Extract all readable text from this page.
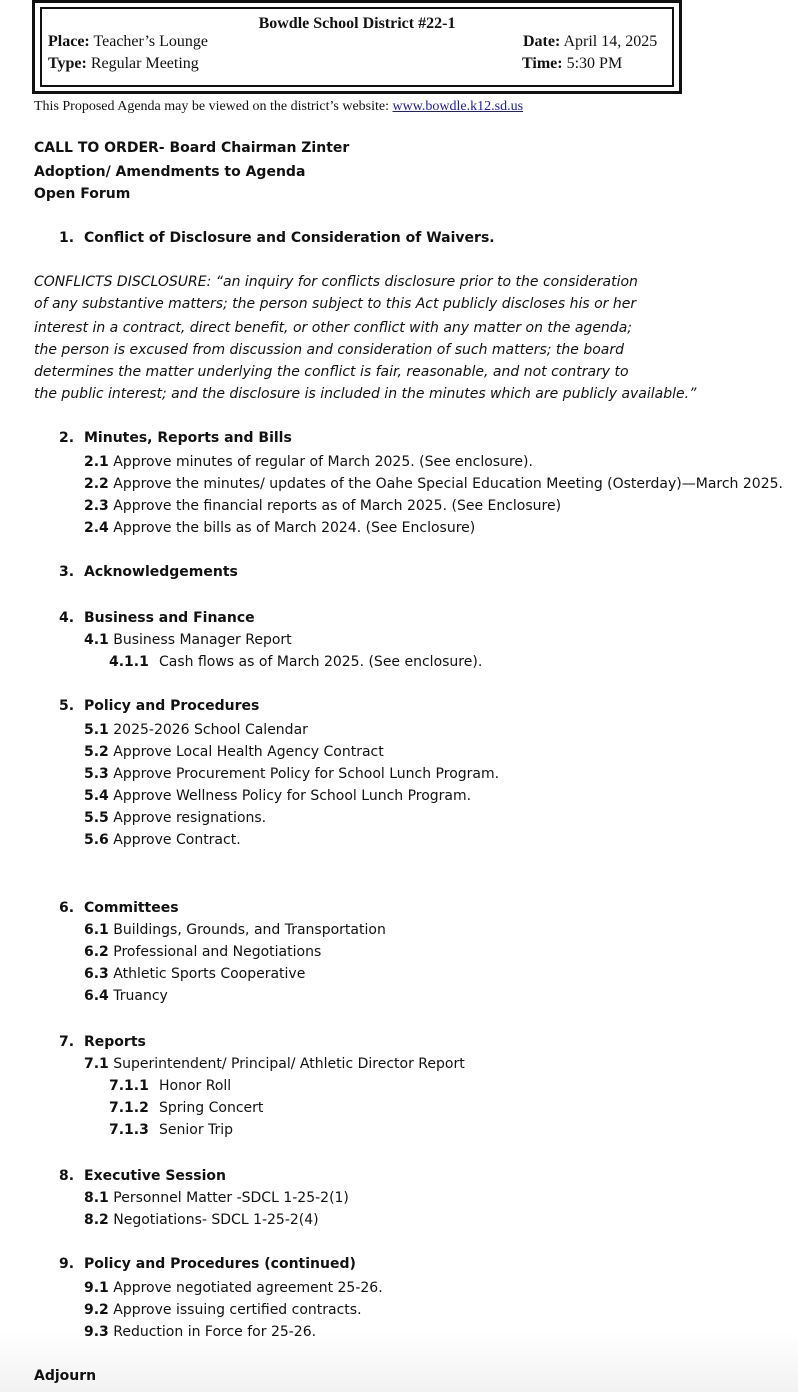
Bowdle School District #22-1
Place: Teacher’s Lounge
Type: Regular Meeting
Date: April 14, 2025
Time: 5:30 PM
This Proposed Agenda may be viewed on the district’s website: www.bowdle.k12.sd.us
CALL TO ORDER- Board Chairman Zinter
Adoption/ Amendments to Agenda
Open Forum
1. Conflict of Disclosure and Consideration of Waivers.
CONFLICTS DISCLOSURE: “an inquiry for conflicts disclosure prior to the consideration
of any substantive matters; the person subject to this Act publicly discloses his or her
interest in a contract, direct benefit, or other conflict with any matter on the agenda;
the person is excused from discussion and consideration of such matters; the board
determines the matter underlying the conflict is fair, reasonable, and not contrary to
the public interest; and the disclosure is included in the minutes which are publicly available.”
2. Minutes, Reports and Bills
2.1 Approve minutes of regular of March 2025. (See enclosure).
2.2 Approve the minutes/ updates of the Oahe Special Education Meeting (Osterday)—March 2025.
2.3 Approve the financial reports as of March 2025. (See Enclosure)
2.4 Approve the bills as of March 2024. (See Enclosure)
3. Acknowledgements
4. Business and Finance
4.1 Business Manager Report
4.1.1 Cash flows as of March 2025. (See enclosure).
5. Policy and Procedures
5.1 2025-2026 School Calendar
5.2 Approve Local Health Agency Contract
5.3 Approve Procurement Policy for School Lunch Program.
5.4 Approve Wellness Policy for School Lunch Program.
5.5 Approve resignations.
5.6 Approve Contract.
6. Committees
6.1 Buildings, Grounds, and Transportation
6.2 Professional and Negotiations
6.3 Athletic Sports Cooperative
6.4 Truancy
7. Reports
7.1 Superintendent/ Principal/ Athletic Director Report
7.1.1 Honor Roll
7.1.2 Spring Concert
7.1.3 Senior Trip
8. Executive Session
8.1 Personnel Matter -SDCL 1-25-2(1)
8.2 Negotiations- SDCL 1-25-2(4)
9. Policy and Procedures (continued)
9.1 Approve negotiated agreement 25-26.
9.2 Approve issuing certified contracts.
9.3 Reduction in Force for 25-26.
Adjourn
